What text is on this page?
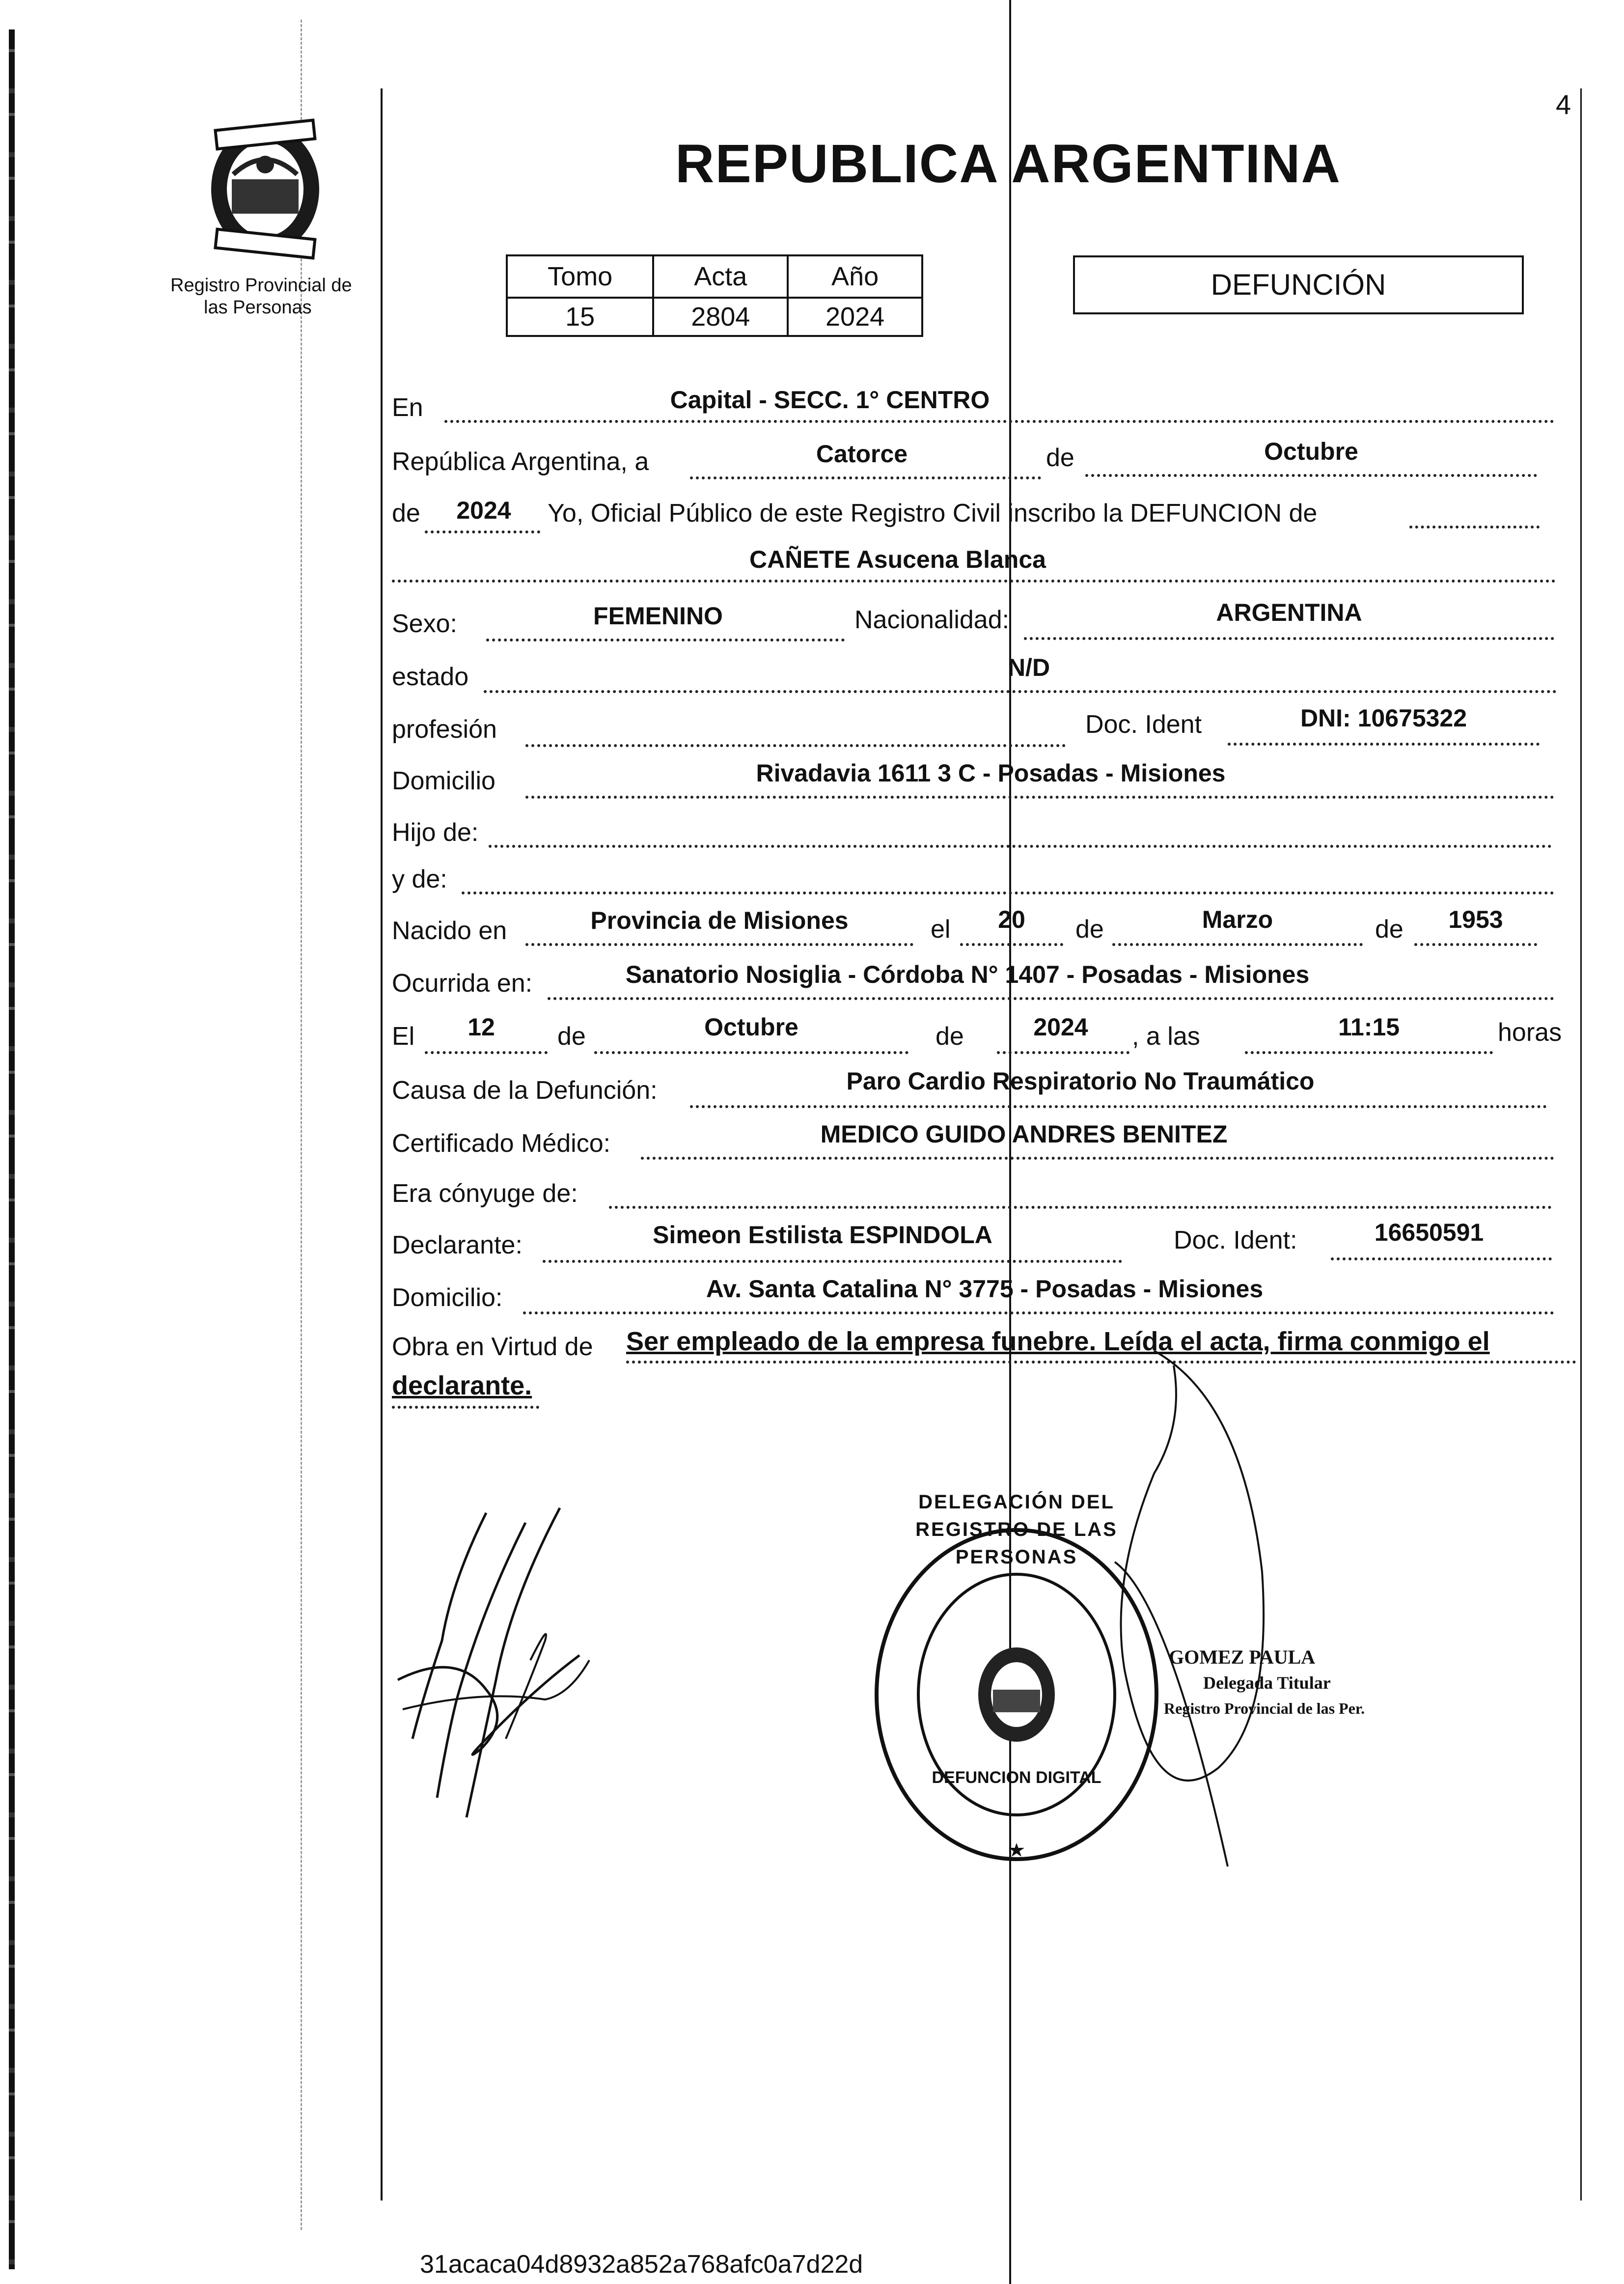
4
Registro Provincial de
las Personas
REPUBLICA ARGENTINA
Tomo	Acta	Año
15	2804	2024
DEFUNCIÓN
En	Capital - SECC. 1° CENTRO
República Argentina, a	Catorce	de	Octubre
de	2024	Yo, Oficial Público de este Registro Civil inscribo la DEFUNCION de
CAÑETE Asucena Blanca
Sexo:	FEMENINO	Nacionalidad:	ARGENTINA
estado	N/D
profesión	Doc. Ident	DNI: 10675322
Domicilio	Rivadavia 1611 3 C - Posadas - Misiones
Hijo de:
y de:
Nacido en	Provincia de Misiones	el	20	de	Marzo	de	1953
Ocurrida en:	Sanatorio Nosiglia - Córdoba N° 1407 - Posadas - Misiones
El	12	de	Octubre	de	2024	, a las	11:15	horas
Causa de la Defunción:	Paro Cardio Respiratorio No Traumático
Certificado Médico:	MEDICO GUIDO ANDRES BENITEZ
Era cónyuge de:
Declarante:	Simeon Estilista ESPINDOLA	Doc. Ident:	16650591
Domicilio:	Av. Santa Catalina N° 3775 - Posadas - Misiones
Obra en Virtud de Ser empleado de la empresa funebre. Leída el acta, firma conmigo el
declarante.
DELEGACIÓN DEL REGISTRO DE LAS PERSONAS
DEFUNCION DIGITAL
GOMEZ PAULA
Delegada Titular
Registro Provincial de las Per.
31acaca04d8932a852a768afc0a7d22d
